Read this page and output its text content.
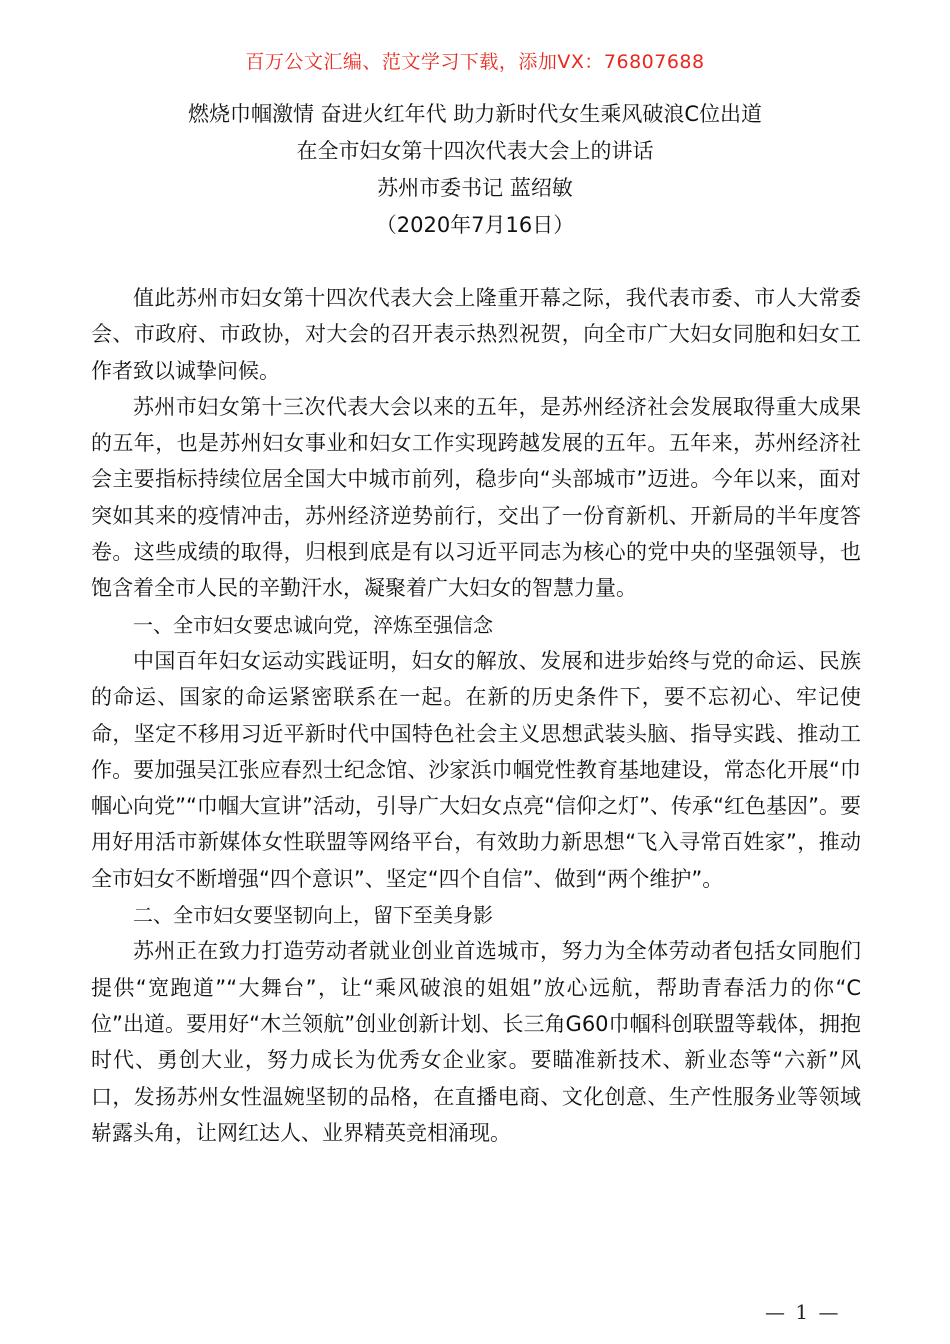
百万公文汇编、范文学习下载，添加VX：76807688
燃烧巾帼激情 奋进火红年代 助力新时代女生乘风破浪C位出道
在全市妇女第十四次代表大会上的讲话
苏州市委书记 蓝绍敏
（2020年7月16日）

值此苏州市妇女第十四次代表大会上隆重开幕之际，我代表市委、市人大常委会、市政府、市政协，对大会的召开表示热烈祝贺，向全市广大妇女同胞和妇女工作者致以诚挚问候。

苏州市妇女第十三次代表大会以来的五年，是苏州经济社会发展取得重大成果的五年，也是苏州妇女事业和妇女工作实现跨越发展的五年。五年来，苏州经济社会主要指标持续位居全国大中城市前列，稳步向“头部城市”迈进。今年以来，面对突如其来的疫情冲击，苏州经济逆势前行，交出了一份育新机、开新局的半年度答卷。这些成绩的取得，归根到底是有以习近平同志为核心的党中央的坚强领导，也饱含着全市人民的辛勤汗水，凝聚着广大妇女的智慧力量。

一、全市妇女要忠诚向党，淬炼至强信念

中国百年妇女运动实践证明，妇女的解放、发展和进步始终与党的命运、民族的命运、国家的命运紧密联系在一起。在新的历史条件下，要不忘初心、牢记使命，坚定不移用习近平新时代中国特色社会主义思想武装头脑、指导实践、推动工作。要加强吴江张应春烈士纪念馆、沙家浜巾帼党性教育基地建设，常态化开展“巾帼心向党”“巾帼大宣讲”活动，引导广大妇女点亮“信仰之灯”、传承“红色基因”。要用好用活市新媒体女性联盟等网络平台，有效助力新思想“飞入寻常百姓家”，推动全市妇女不断增强“四个意识”、坚定“四个自信”、做到“两个维护”。

二、全市妇女要坚韧向上，留下至美身影

苏州正在致力打造劳动者就业创业首选城市，努力为全体劳动者包括女同胞们提供“宽跑道”“大舞台”，让“乘风破浪的姐姐”放心远航，帮助青春活力的你“C位”出道。要用好“木兰领航”创业创新计划、长三角G60巾帼科创联盟等载体，拥抱时代、勇创大业，努力成长为优秀女企业家。要瞄准新技术、新业态等“六新”风口，发扬苏州女性温婉坚韧的品格，在直播电商、文化创意、生产性服务业等领域崭露头角，让网红达人、业界精英竞相涌现。

— 1 —
